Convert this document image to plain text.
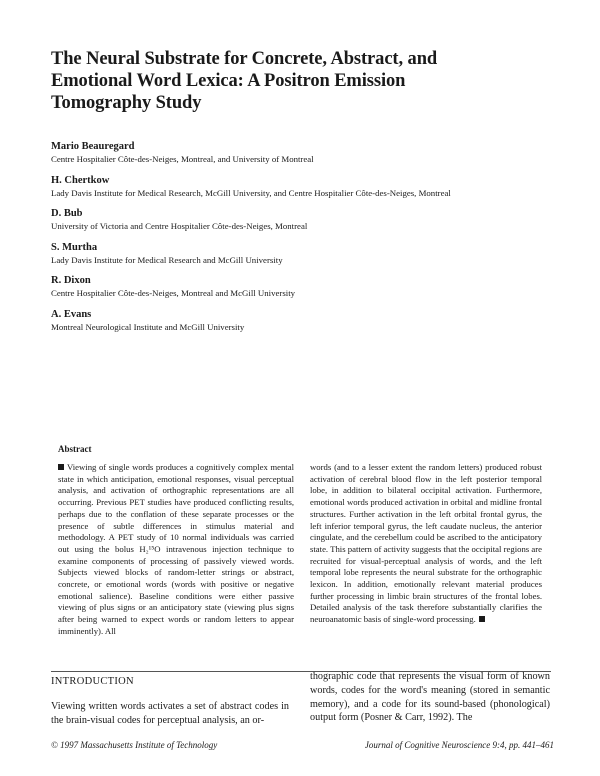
The Neural Substrate for Concrete, Abstract, and Emotional Word Lexica: A Positron Emission Tomography Study

Mario Beauregard

Centre Hospitalier Côte-des-Neiges, Montreal, and University of Montreal

H. Chertkow

Lady Davis Institute for Medical Research, McGill University, and Centre Hospitalier Côte-des-Neiges, Montreal

D. Bub

University of Victoria and Centre Hospitalier Côte-des-Neiges, Montreal

S. Murtha

Lady Davis Institute for Medical Research and McGill University

R. Dixon

Centre Hospitalier Côte-des-Neiges, Montreal and McGill University

A. Evans

Montreal Neurological Institute and McGill University

Abstract

Viewing of single words produces a cognitively complex mental state in which anticipation, emotional responses, visual perceptual analysis, and activation of orthographic representations are all occurring. Previous PET studies have produced conflicting results, perhaps due to the conflation of these separate processes or the presence of subtle differences in stimulus material and methodology. A PET study of 10 normal individuals was carried out using the bolus H₂¹⁵O intravenous injection technique to examine components of processing of passively viewed words. Subjects viewed blocks of random-letter strings or abstract, concrete, or emotional words (words with positive or negative emotional salience). Baseline conditions were either passive viewing of plus signs or an anticipatory state (viewing plus signs after being warned to expect words or random letters to appear imminently). All

words (and to a lesser extent the random letters) produced robust activation of cerebral blood flow in the left posterior temporal lobe, in addition to bilateral occipital activation. Furthermore, emotional words produced activation in orbital and midline frontal structures. Further activation in the left orbital frontal gyrus, the left inferior temporal gyrus, the left caudate nucleus, the anterior cingulate, and the cerebellum could be ascribed to the anticipatory state. This pattern of activity suggests that the occipital regions are recruited for visual-perceptual analysis of words, and the left temporal lobe represents the neural substrate for the orthographic lexicon. In addition, emotionally relevant material produces further processing in limbic brain structures of the frontal lobes. Detailed analysis of the task therefore substantially clarifies the neuroanatomic basis of single-word processing.

INTRODUCTION

Viewing written words activates a set of abstract codes in the brain-visual codes for perceptual analysis, an or-

thographic code that represents the visual form of known words, codes for the word's meaning (stored in semantic memory), and a code for its sound-based (phonological) output form (Posner & Carr, 1992). The

© 1997 Massachusetts Institute of Technology	Journal of Cognitive Neuroscience 9:4, pp. 441–461
